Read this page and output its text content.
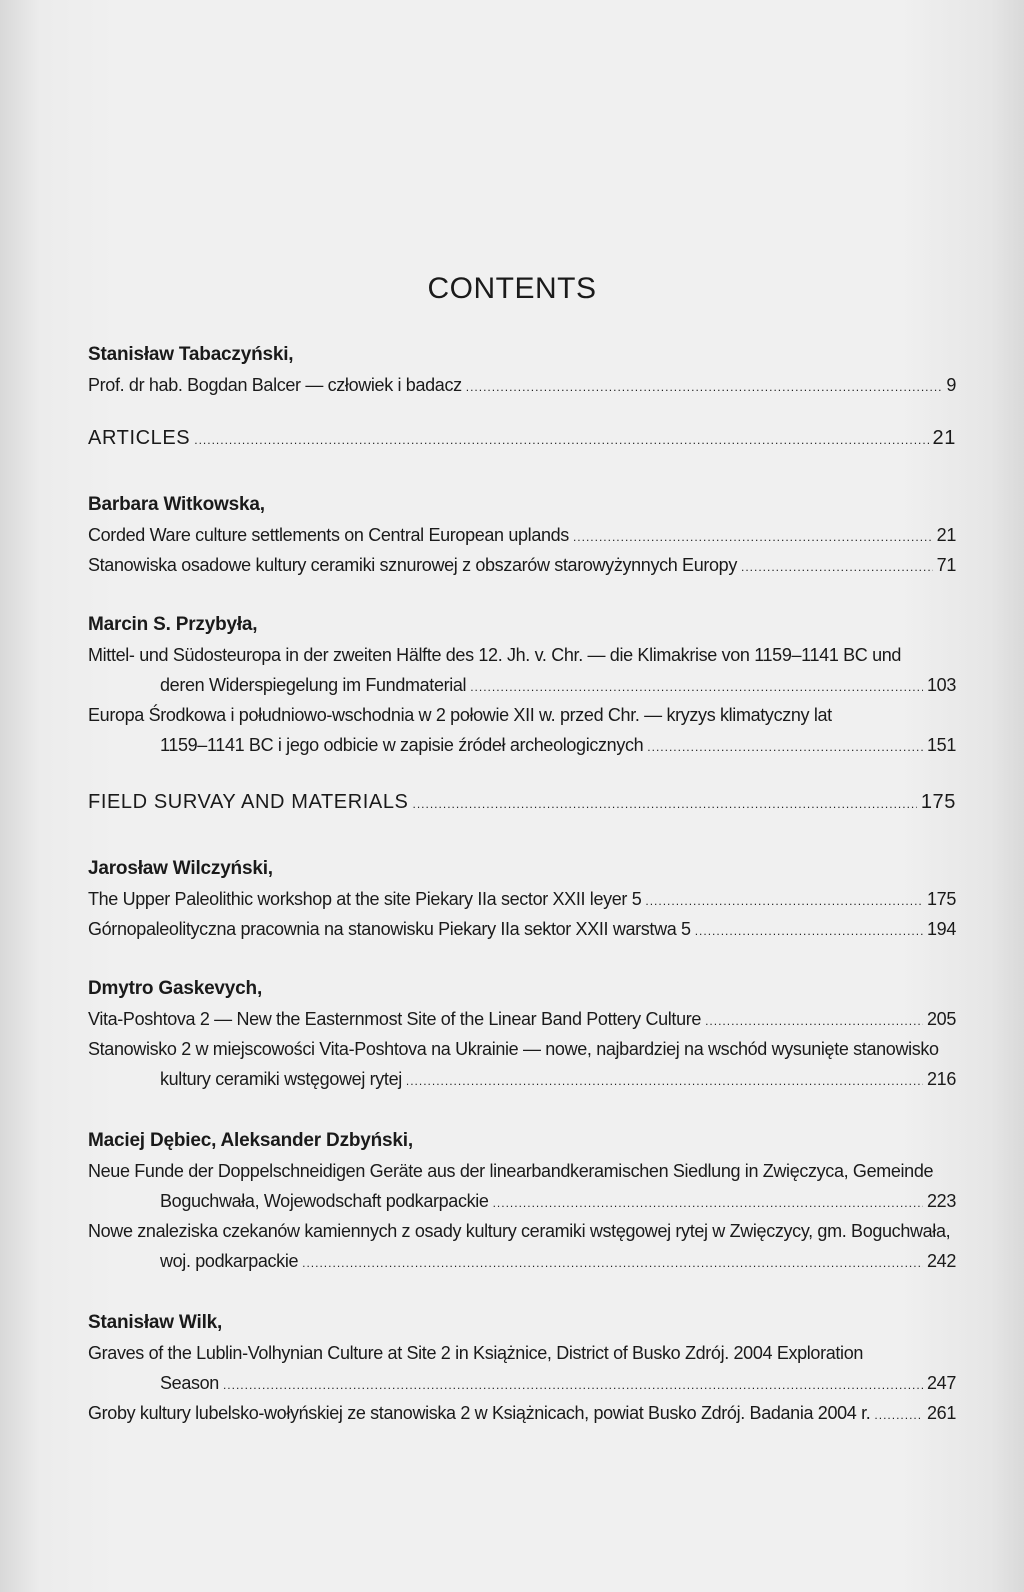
CONTENTS
Stanisław Tabaczyński,
Prof. dr hab. Bogdan Balcer — człowiek i badacz .....	9
ARTICLES .....	21
Barbara Witkowska,
Corded Ware culture settlements on Central European uplands .....	21
Stanowiska osadowe kultury ceramiki sznurowej z obszarów starowyżynnych Europy .....	71
Marcin S. Przybyła,
Mittel- und Südosteuropa in der zweiten Hälfte des 12. Jh. v. Chr. — die Klimakrise von 1159–1141 BC und
deren Widerspiegelung im Fundmaterial .....	103
Europa Środkowa i południowo-wschodnia w 2 połowie XII w. przed Chr. — kryzys klimatyczny lat
1159–1141 BC i jego odbicie w zapisie źródeł archeologicznych .....	151
FIELD SURVAY AND MATERIALS .....	175
Jarosław Wilczyński,
The Upper Paleolithic workshop at the site Piekary IIa sector XXII leyer 5 .....	175
Górnopaleolityczna pracownia na stanowisku Piekary IIa sektor XXII warstwa 5 .....	194
Dmytro Gaskevych,
Vita-Poshtova 2 — New the Easternmost Site of the Linear Band Pottery Culture .....	205
Stanowisko 2 w miejscowości Vita-Poshtova na Ukrainie — nowe, najbardziej na wschód wysunięte stanowisko
kultury ceramiki wstęgowej rytej .....	216
Maciej Dębiec, Aleksander Dzbyński,
Neue Funde der Doppelschneidigen Geräte aus der linearbandkeramischen Siedlung in Zwięczyca, Gemeinde
Boguchwała, Wojewodschaft podkarpackie .....	223
Nowe znaleziska czekanów kamiennych z osady kultury ceramiki wstęgowej rytej w Zwięczycy, gm. Boguchwała,
woj. podkarpackie .....	242
Stanisław Wilk,
Graves of the Lublin-Volhynian Culture at Site 2 in Książnice, District of Busko Zdrój. 2004 Exploration
Season .....	247
Groby kultury lubelsko-wołyńskiej ze stanowiska 2 w Książnicach, powiat Busko Zdrój. Badania 2004 r. .....	261
